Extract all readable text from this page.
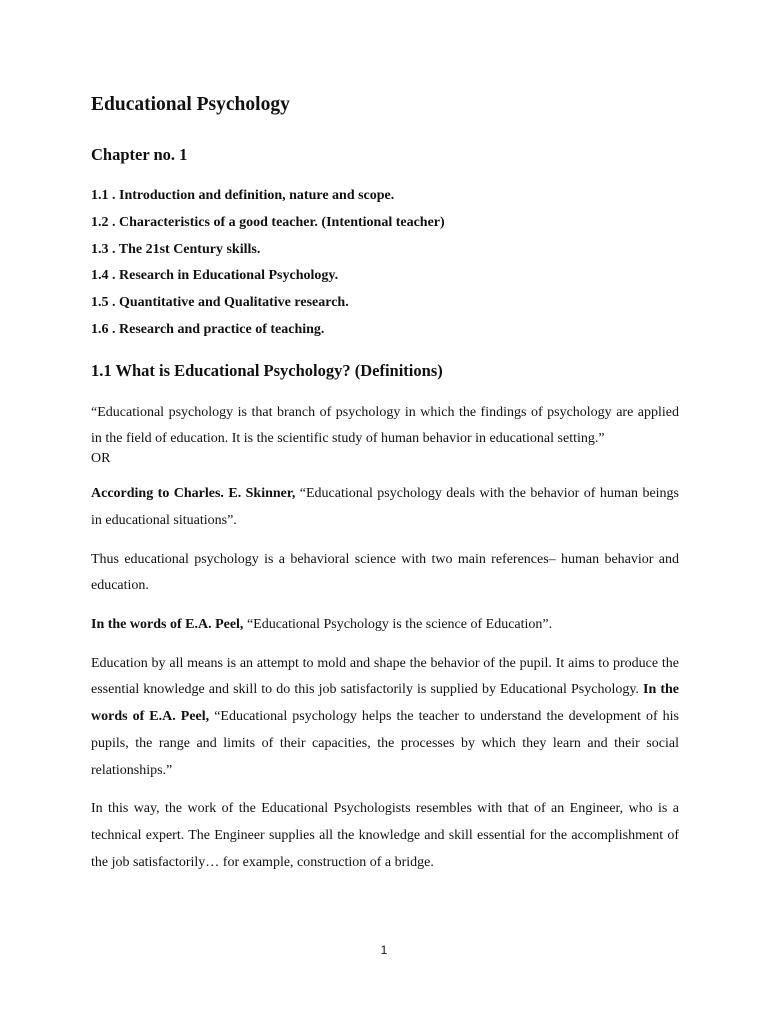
Educational Psychology
Chapter no. 1
1.1 . Introduction and definition, nature and scope.
1.2 . Characteristics of a good teacher. (Intentional teacher)
1.3 . The 21st Century skills.
1.4 . Research in Educational Psychology.
1.5 . Quantitative and Qualitative research.
1.6 . Research and practice of teaching.
1.1 What is Educational Psychology? (Definitions)

“Educational psychology is that branch of psychology in which the findings of psychology are applied in the field of education. It is the scientific study of human behavior in educational setting.”

OR

According to Charles. E. Skinner, “Educational psychology deals with the behavior of human beings in educational situations”.

Thus educational psychology is a behavioral science with two main references– human behavior and education.

In the words of E.A. Peel, “Educational Psychology is the science of Education”.

Education by all means is an attempt to mold and shape the behavior of the pupil. It aims to produce the essential knowledge and skill to do this job satisfactorily is supplied by Educational Psychology. In the words of E.A. Peel, “Educational psychology helps the teacher to understand the development of his pupils, the range and limits of their capacities, the processes by which they learn and their social relationships.”

In this way, the work of the Educational Psychologists resembles with that of an Engineer, who is a technical expert. The Engineer supplies all the knowledge and skill essential for the accomplishment of the job satisfactorily… for example, construction of a bridge.

1
